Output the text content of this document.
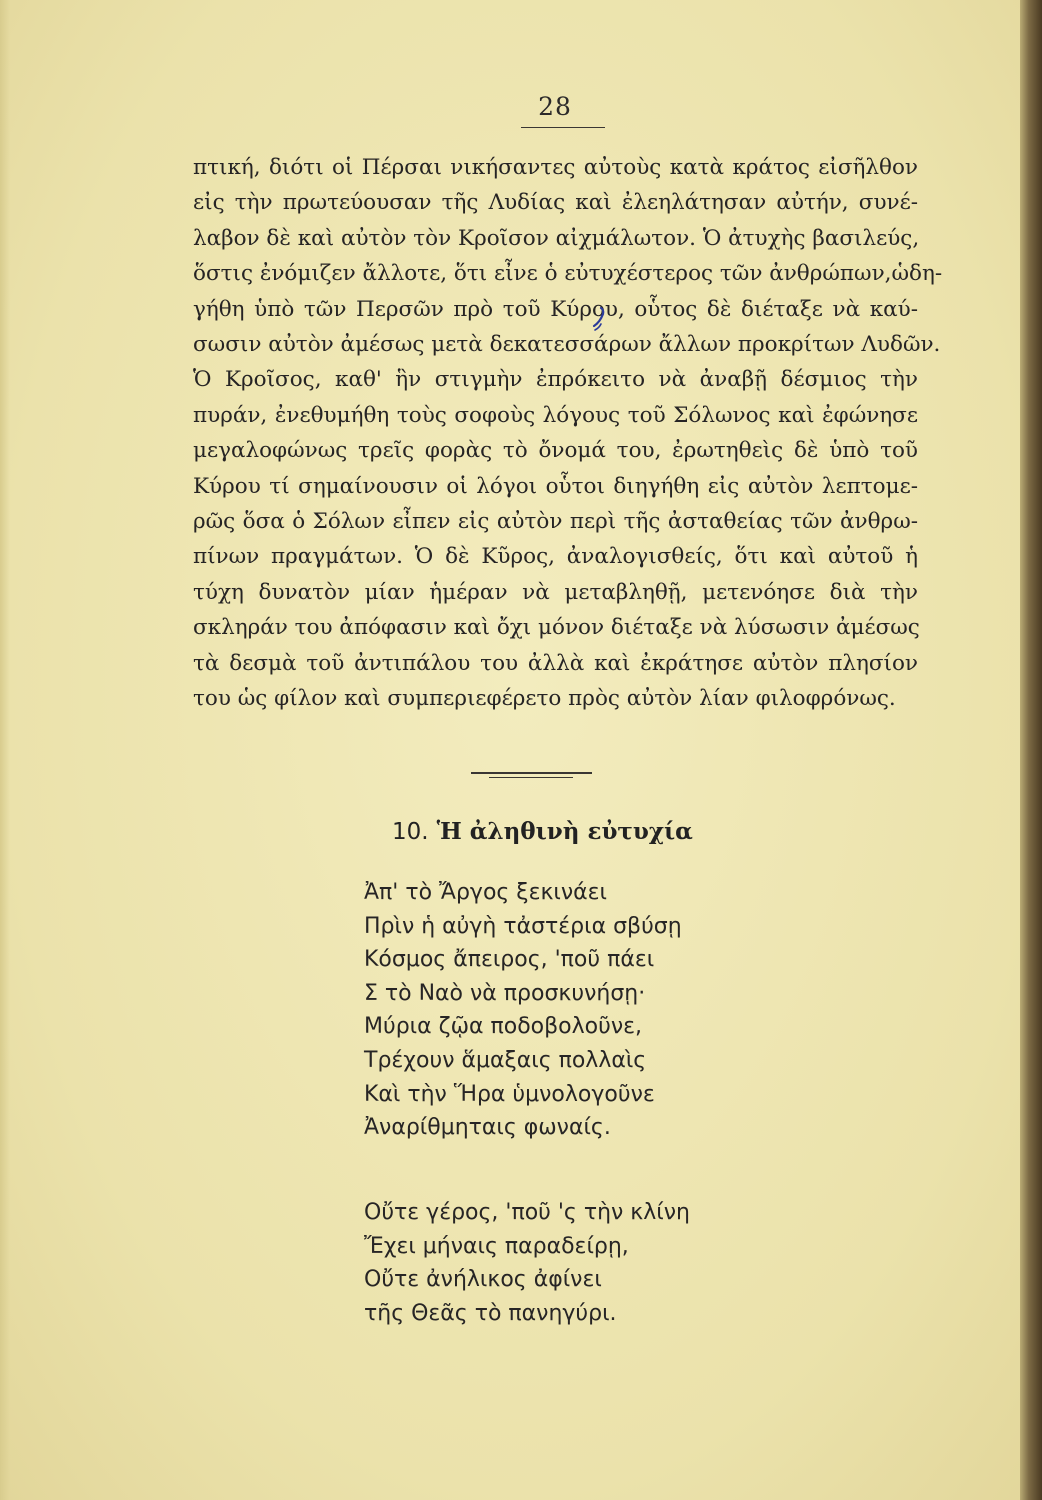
28
πτική, διότι οἱ Πέρσαι νικήσαντες αὐτοὺς κατὰ κράτος εἰσῆλθον
εἰς τὴν πρωτεύουσαν τῆς Λυδίας καὶ ἐλεηλάτησαν αὐτήν, συνέ-
λαβον δὲ καὶ αὐτὸν τὸν Κροῖσον αἰχμάλωτον. Ὁ ἀτυχὴς βασιλεύς,
ὅστις ἐνόμιζεν ἄλλοτε, ὅτι εἶνε ὁ εὐτυχέστερος τῶν ἀνθρώπων,ὡδη-
γήθη ὑπὸ τῶν Περσῶν πρὸ τοῦ Κύρου, οὗτος δὲ διέταξε νὰ καύ-
σωσιν αὐτὸν ἀμέσως μετὰ δεκατεσσάρων ἄλλων προκρίτων Λυδῶν.
Ὁ Κροῖσος, καθ' ἣν στιγμὴν ἐπρόκειτο νὰ ἀναβῇ δέσμιος τὴν
πυράν, ἐνεθυμήθη τοὺς σοφοὺς λόγους τοῦ Σόλωνος καὶ ἐφώνησε
μεγαλοφώνως τρεῖς φορὰς τὸ ὄνομά του, ἐρωτηθεὶς δὲ ὑπὸ τοῦ
Κύρου τί σημαίνουσιν οἱ λόγοι οὗτοι διηγήθη εἰς αὐτὸν λεπτομε-
ρῶς ὅσα ὁ Σόλων εἶπεν εἰς αὐτὸν περὶ τῆς ἀσταθείας τῶν ἀνθρω-
πίνων πραγμάτων. Ὁ δὲ Κῦρος, ἀναλογισθείς, ὅτι καὶ αὐτοῦ ἡ
τύχη δυνατὸν μίαν ἡμέραν νὰ μεταβληθῇ, μετενόησε διὰ τὴν
σκληράν του ἀπόφασιν καὶ ὄχι μόνον διέταξε νὰ λύσωσιν ἀμέσως
τὰ δεσμὰ τοῦ ἀντιπάλου του ἀλλὰ καὶ ἐκράτησε αὐτὸν πλησίον
του ὡς φίλον καὶ συμπεριεφέρετο πρὸς αὐτὸν λίαν φιλοφρόνως.
10. Ἡ ἀληθινὴ εὐτυχία
Ἀπ' τὸ Ἄργος ξεκινάει
Πρὶν ἡ αὐγὴ τἀστέρια σβύσῃ
Κόσμος ἄπειρος, 'ποῦ πάει
Σ τὸ Ναὸ νὰ προσκυνήσῃ·
Μύρια ζῷα ποδοβολοῦνε,
Τρέχουν ἅμαξαις πολλαὶς
Καὶ τὴν Ἥρα ὑμνολογοῦνε
Ἀναρίθμηταις φωναίς.
Οὔτε γέρος, 'ποῦ 'ς τὴν κλίνη
Ἔχει μήναις παραδείρῃ,
Οὔτε ἀνήλικος ἀφίνει
τῆς Θεᾶς τὸ πανηγύρι.
